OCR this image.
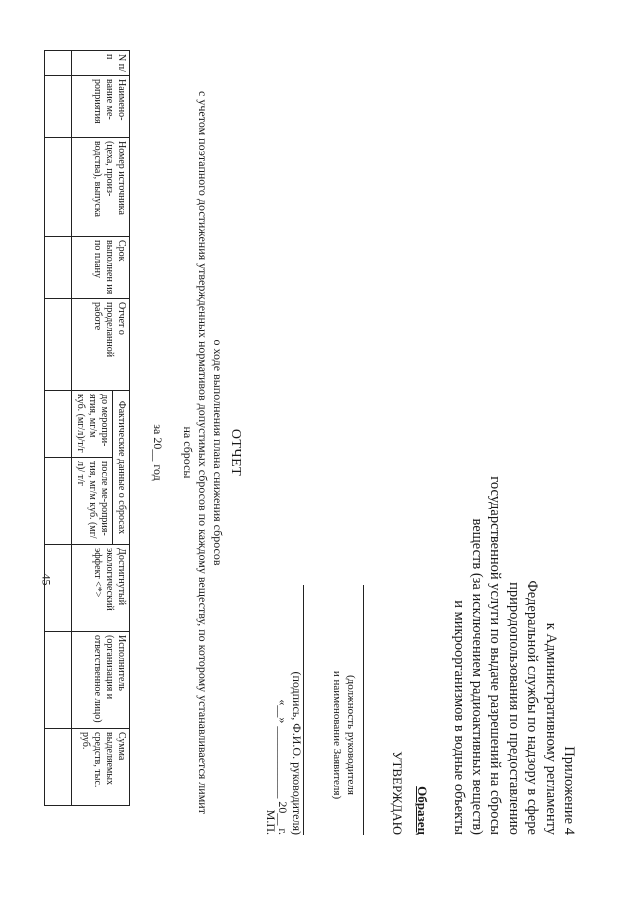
45
Приложение 4
к Административному регламенту
Федеральной службы по надзору в сфере
природопользования по предоставлению
государственной услуги по выдаче разрешений на сбросы
веществ (за исключением радиоактивных веществ)
и микроорганизмов в водные объекты
Образец
УТВЕРЖДАЮ
(должность руководителя
и наименование Заявителя)
(подпись, Ф.И.О. руководителя)
«__» ____________ 20__ г.
М.П.
ОТЧЕТ
о ходе выполнения плана снижения сбросов
с учетом поэтапного достижения утвержденных нормативов допустимых сбросов по каждому веществу, по которому устанавливается лимит
на сбросы
за 20__ год
N п/п	Наимено-вание ме-роприятия	Номер источника (цеха, произ-водства), выпуска	Срок выполнен ия по плану	Отчет о проделанной работе	Фактические данные о сбросах		Достигнутый экологический эффект <*>	Исполнитель (организация и ответственное лицо)	Сумма выделяемых средств, тыс. руб.
					до меропри-ятия, мг/м куб. (мг/л)/т/г	после ме-роприя-тия, мг/м куб. (мг/л)/ т/г			
